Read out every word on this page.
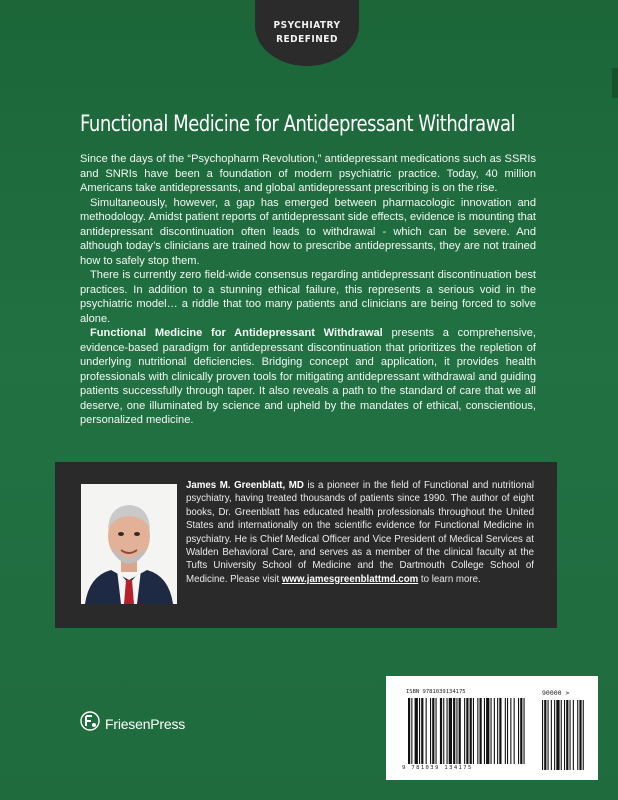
PSYCHIATRY
REDEFINED
Functional Medicine for Antidepressant Withdrawal

Since the days of the “Psychopharm Revolution,” antidepressant medications such as SSRIs and SNRIs have been a foundation of modern psychiatric practice. Today, 40 million Americans take antidepressants, and global antidepressant prescribing is on the rise.

Simultaneously, however, a gap has emerged between pharmacologic innovation and methodology. Amidst patient reports of antidepressant side effects, evidence is mounting that antidepressant discontinuation often leads to withdrawal - which can be severe. And although today’s clinicians are trained how to prescribe antidepressants, they are not trained how to safely stop them.

There is currently zero field-wide consensus regarding antidepressant discontinuation best practices. In addition to a stunning ethical failure, this represents a serious void in the psychiatric model… a riddle that too many patients and clinicians are being forced to solve alone.

Functional Medicine for Antidepressant Withdrawal presents a comprehensive, evidence-based paradigm for antidepressant discontinuation that prioritizes the repletion of underlying nutritional deficiencies. Bridging concept and application, it provides health professionals with clinically proven tools for mitigating antidepressant withdrawal and guiding patients successfully through taper. It also reveals a path to the standard of care that we all deserve, one illuminated by science and upheld by the mandates of ethical, conscientious, personalized medicine.

James M. Greenblatt, MD is a pioneer in the field of Functional and nutritional psychiatry, having treated thousands of patients since 1990. The author of eight books, Dr. Greenblatt has educated health professionals throughout the United States and internationally on the scientific evidence for Functional Medicine in psychiatry. He is Chief Medical Officer and Vice President of Medical Services at Walden Behavioral Care, and serves as a member of the clinical faculty at the Tufts University School of Medicine and the Dartmouth College School of Medicine. Please visit www.jamesgreenblattmd.com to learn more.
FriesenPress
ISBN 9781039134175	90000 >
9 781039 134175
